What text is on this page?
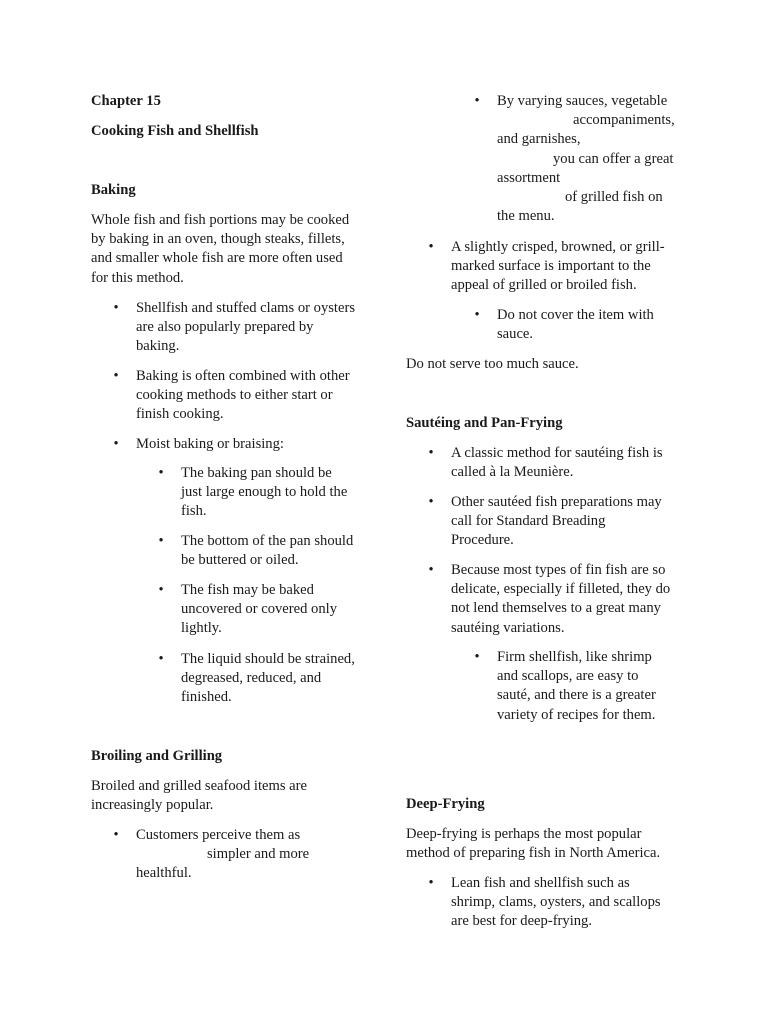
Chapter 15
Cooking Fish and Shellfish
Baking
Whole fish and fish portions may be cooked
by baking in an oven, though steaks, fillets,
and smaller whole fish are more often used
for this method.
• Shellfish and stuffed clams or oysters
are also popularly prepared by
baking.
• Baking is often combined with other
cooking methods to either start or
finish cooking.
• Moist baking or braising:
• The baking pan should be
just large enough to hold the
fish.
• The bottom of the pan should
be buttered or oiled.
• The fish may be baked
uncovered or covered only
lightly.
• The liquid should be strained,
degreased, reduced, and
finished.
Broiling and Grilling
Broiled and grilled seafood items are
increasingly popular.
• Customers perceive them as
simpler and more
healthful.
• By varying sauces, vegetable
accompaniments,
and garnishes,
you can offer a great
assortment
of grilled fish on
the menu.
• A slightly crisped, browned, or grill-
marked surface is important to the
appeal of grilled or broiled fish.
• Do not cover the item with
sauce.
Do not serve too much sauce.
Sautéing and Pan-Frying
• A classic method for sautéing fish is
called à la Meunière.
• Other sautéed fish preparations may
call for Standard Breading
Procedure.
• Because most types of fin fish are so
delicate, especially if filleted, they do
not lend themselves to a great many
sautéing variations.
• Firm shellfish, like shrimp
and scallops, are easy to
sauté, and there is a greater
variety of recipes for them.
Deep-Frying
Deep-frying is perhaps the most popular
method of preparing fish in North America.
• Lean fish and shellfish such as
shrimp, clams, oysters, and scallops
are best for deep-frying.
